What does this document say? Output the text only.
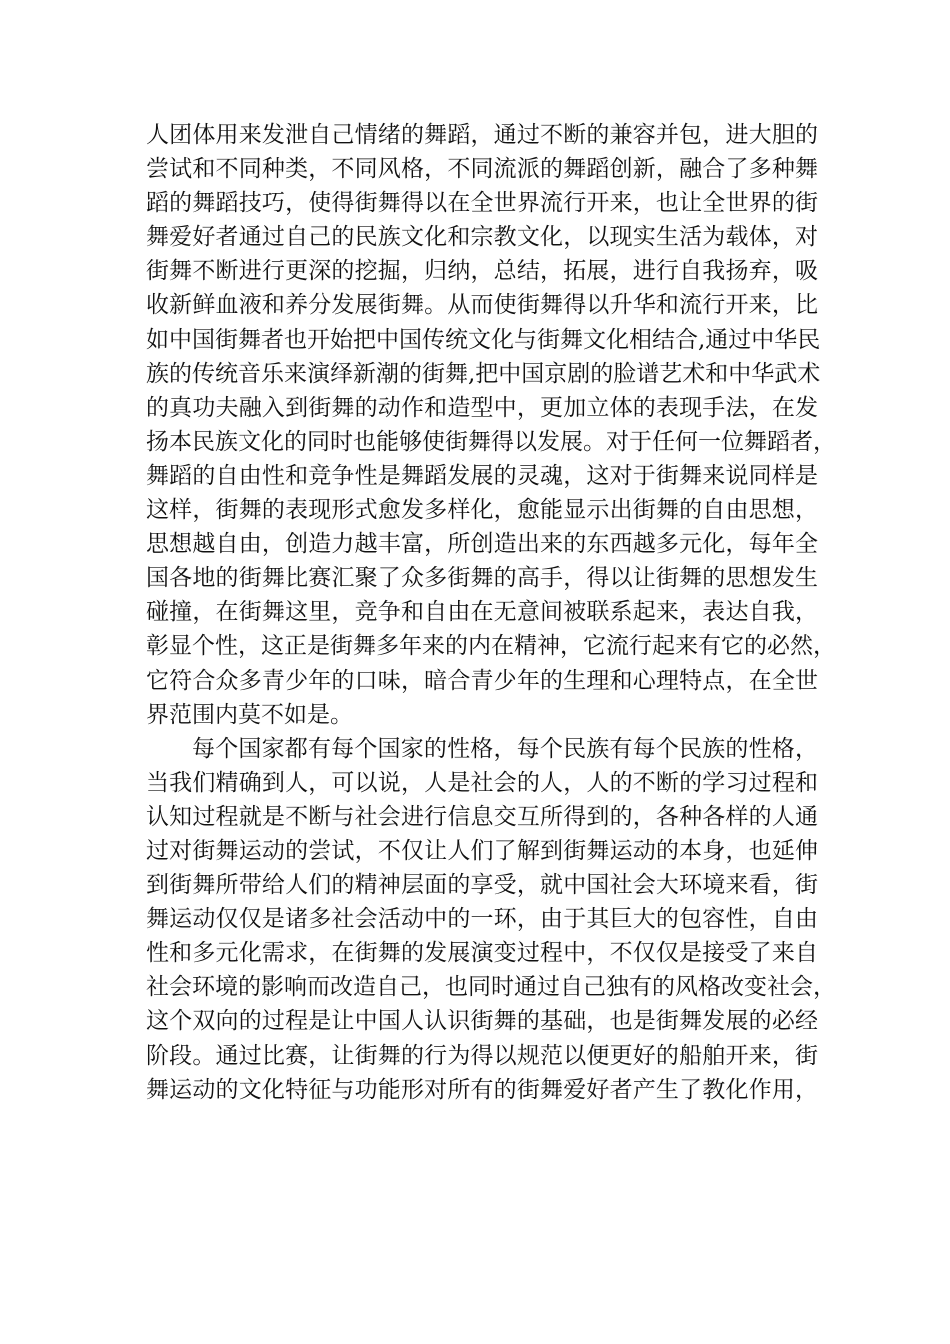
人团体用来发泄自己情绪的舞蹈，通过不断的兼容并包，进大胆的
尝试和不同种类，不同风格，不同流派的舞蹈创新，融合了多种舞
蹈的舞蹈技巧，使得街舞得以在全世界流行开来，也让全世界的街
舞爱好者通过自己的民族文化和宗教文化，以现实生活为载体，对
街舞不断进行更深的挖掘，归纳，总结，拓展，进行自我扬弃，吸
收新鲜血液和养分发展街舞。从而使街舞得以升华和流行开来，比
如中国街舞者也开始把中国传统文化与街舞文化相结合,通过中华民
族的传统音乐来演绎新潮的街舞,把中国京剧的脸谱艺术和中华武术
的真功夫融入到街舞的动作和造型中，更加立体的表现手法，在发
扬本民族文化的同时也能够使街舞得以发展。对于任何一位舞蹈者，
舞蹈的自由性和竞争性是舞蹈发展的灵魂，这对于街舞来说同样是
这样，街舞的表现形式愈发多样化，愈能显示出街舞的自由思想，
思想越自由，创造力越丰富，所创造出来的东西越多元化，每年全
国各地的街舞比赛汇聚了众多街舞的高手，得以让街舞的思想发生
碰撞，在街舞这里，竞争和自由在无意间被联系起来，表达自我，
彰显个性，这正是街舞多年来的内在精神，它流行起来有它的必然，
它符合众多青少年的口味，暗合青少年的生理和心理特点，在全世
界范围内莫不如是。
每个国家都有每个国家的性格，每个民族有每个民族的性格，
当我们精确到人，可以说，人是社会的人，人的不断的学习过程和
认知过程就是不断与社会进行信息交互所得到的，各种各样的人通
过对街舞运动的尝试，不仅让人们了解到街舞运动的本身，也延伸
到街舞所带给人们的精神层面的享受，就中国社会大环境来看，街
舞运动仅仅是诸多社会活动中的一环，由于其巨大的包容性，自由
性和多元化需求，在街舞的发展演变过程中，不仅仅是接受了来自
社会环境的影响而改造自己，也同时通过自己独有的风格改变社会，
这个双向的过程是让中国人认识街舞的基础，也是街舞发展的必经
阶段。通过比赛，让街舞的行为得以规范以便更好的船舶开来，街
舞运动的文化特征与功能形对所有的街舞爱好者产生了教化作用，
